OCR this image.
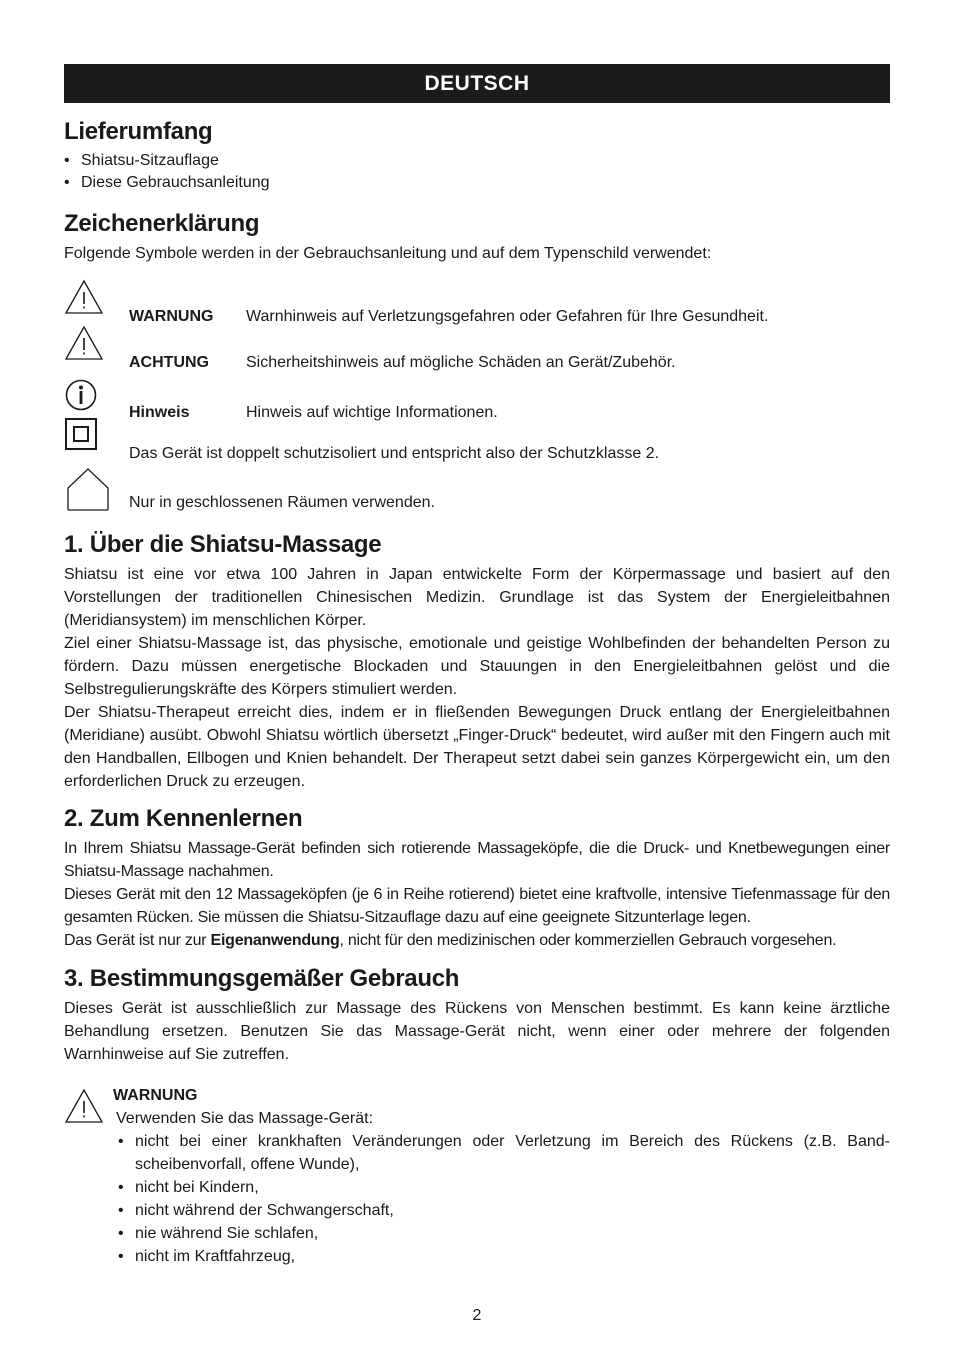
DEUTSCH
Lieferumfang
• Shiatsu-Sitzauflage
• Diese Gebrauchsanleitung
Zeichenerklärung

Folgende Symbole werden in der Gebrauchsanleitung und auf dem Typenschild verwendet:

WARNUNG Warnhinweis auf Verletzungsgefahren oder Gefahren für Ihre Gesundheit.
ACHTUNG Sicherheitshinweis auf mögliche Schäden an Gerät/Zubehör.
Hinweis	Hinweis auf wichtige Informationen.
Das Gerät ist doppelt schutzisoliert und entspricht also der Schutzklasse 2.
Nur in geschlossenen Räumen verwenden.
1. Über die Shiatsu-Massage

Shiatsu ist eine vor etwa 100 Jahren in Japan entwickelte Form der Körpermassage und basiert auf den Vorstellungen der traditionellen Chinesischen Medizin. Grundlage ist das System der Energieleitbahnen (Meridiansystem) im menschlichen Körper.

Ziel einer Shiatsu-Massage ist, das physische, emotionale und geistige Wohlbefinden der behandelten Person zu fördern. Dazu müssen energetische Blockaden und Stauungen in den Energieleitbahnen gelöst und die Selbstregulierungskräfte des Körpers stimuliert werden.

Der Shiatsu-Therapeut erreicht dies, indem er in fließenden Bewegungen Druck entlang der Energieleitbahnen (Meridiane) ausübt. Obwohl Shiatsu wörtlich übersetzt „Finger-Druck“ bedeutet, wird außer mit den Fingern auch mit den Handballen, Ellbogen und Knien behandelt. Der Therapeut setzt dabei sein ganzes Körpergewicht ein, um den erforderlichen Druck zu erzeugen.

2. Zum Kennenlernen

In Ihrem Shiatsu Massage-Gerät befinden sich rotierende Massageköpfe, die die Druck- und Knetbewegungen einer Shiatsu-Massage nachahmen.

Dieses Gerät mit den 12 Massageköpfen (je 6 in Reihe rotierend) bietet eine kraftvolle, intensive Tiefenmassage für den gesamten Rücken. Sie müssen die Shiatsu-Sitzauflage dazu auf eine geeignete Sitzunterlage legen.

Das Gerät ist nur zur Eigenanwendung, nicht für den medizinischen oder kommerziellen Gebrauch vorgesehen.

3. Bestimmungsgemäßer Gebrauch

Dieses Gerät ist ausschließlich zur Massage des Rückens von Menschen bestimmt. Es kann keine ärztliche Behandlung ersetzen. Benutzen Sie das Massage-Gerät nicht, wenn einer oder mehrere der folgenden Warnhinweise auf Sie zutreffen.

WARNUNG
Verwenden Sie das Massage-Gerät:
• nicht bei einer krankhaften Veränderungen oder Verletzung im Bereich des Rückens (z.B. Bandscheibenvorfall, offene Wunde),
• nicht bei Kindern,
• nicht während der Schwangerschaft,
• nie während Sie schlafen,
• nicht im Kraftfahrzeug,
2
